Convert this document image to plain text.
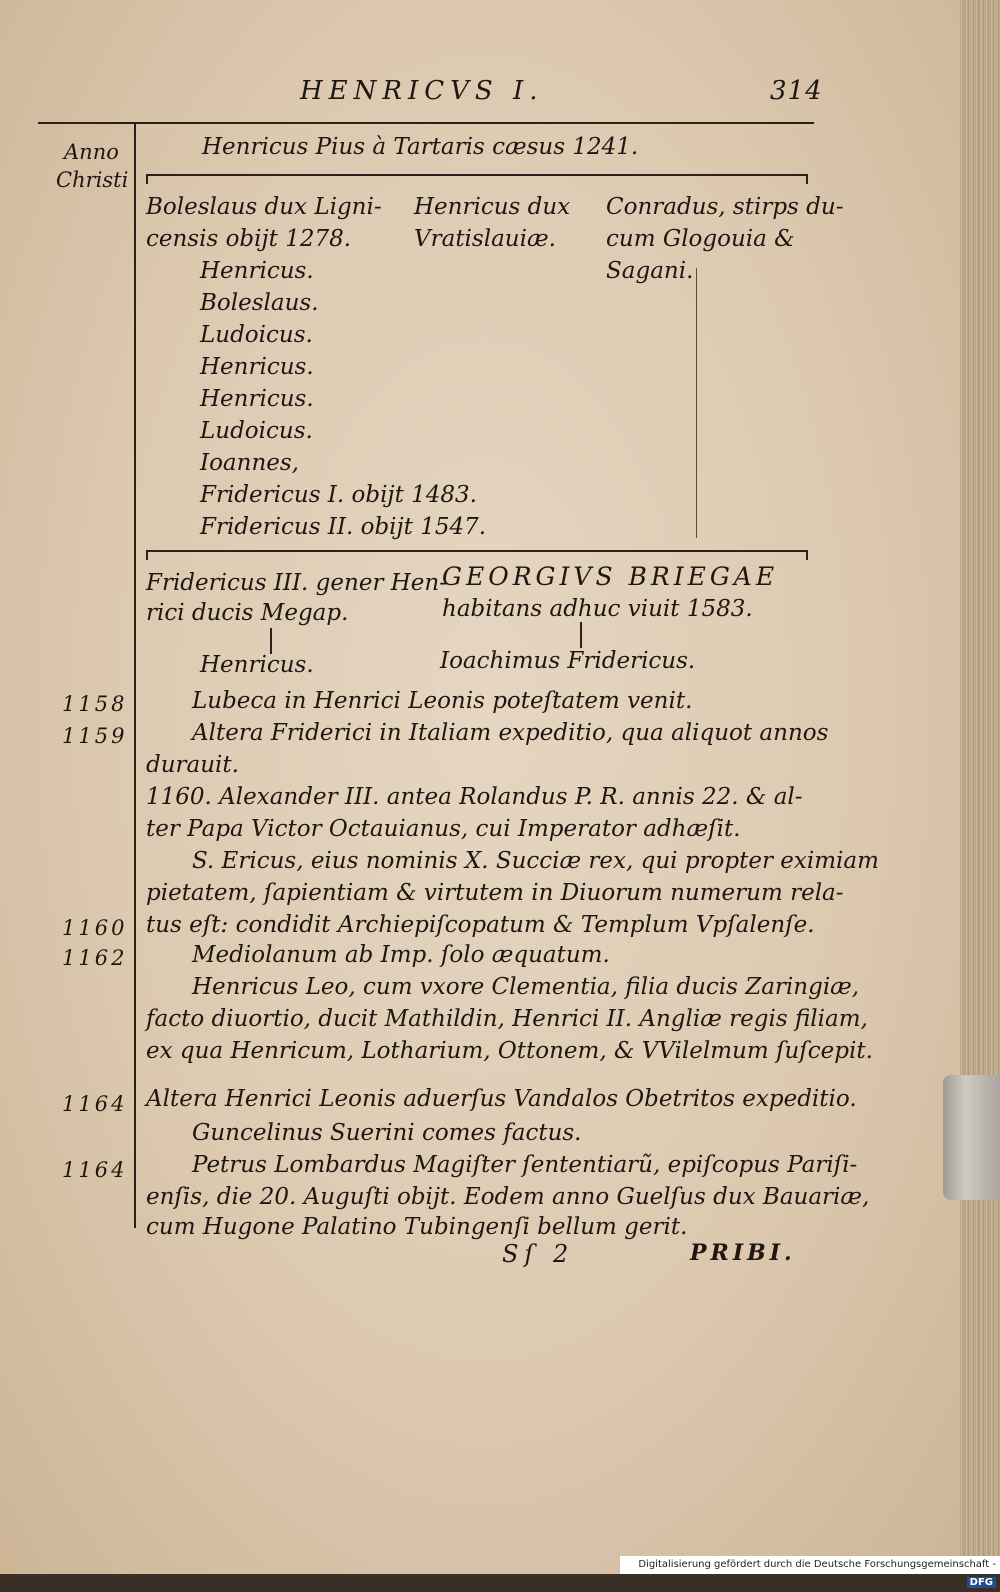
HENRICVS I.	314
Anno
Christi
Henricus Pius à Tartaris cæsus 1241.
Boleslaus dux Ligni-
censis obijt 1278.
Henricus.
Boleslaus.
Ludoicus.
Henricus.
Henricus.
Ludoicus.
Ioannes,
Fridericus I. obijt 1483.
Fridericus II. obijt 1547.
Henricus dux
Vratislauiæ.
Conradus, stirps du-
cum Glogouia &
Sagani.
Fridericus III. gener Hen-
rici ducis Megap.
GEORGIVS BRIEGAE
habitans adhuc viuit 1583.
Henricus.	Ioachimus Fridericus.
1158	Lubeca in Henrici Leonis poteſtatem venit.
1159	Altera Friderici in Italiam expeditio, qua aliquot annos
durauit.
1160. Alexander III. antea Rolandus P. R. annis 22. & al-
ter Papa Victor Octauianus, cui Imperator adhæſit.
S. Ericus, eius nominis X. Succiæ rex, qui propter eximiam
pietatem, ſapientiam & virtutem in Diuorum numerum rela-
1160 tus eſt: condidit Archiepiſcopatum & Templum Vpſalenſe.
1162	Mediolanum ab Imp. ſolo æquatum.
Henricus Leo, cum vxore Clementia, filia ducis Zaringiæ,
facto diuortio, ducit Mathildin, Henrici II. Angliæ regis filiam,
ex qua Henricum, Lotharium, Ottonem, & VVilelmum ſuſcepit.
1164 Altera Henrici Leonis aduerſus Vandalos Obetritos expeditio.
Guncelinus Suerini comes factus.
1164	Petrus Lombardus Magiſter ſententiarũ, epiſcopus Pariſi-
enſis, die 20. Auguſti obijt. Eodem anno Guelſus dux Bauariæ,
cum Hugone Palatino Tubingenſi bellum gerit.
Sſ 2	PRIBI.
Digitalisierung gefördert durch die Deutsche Forschungsgemeinschaft -DFG
